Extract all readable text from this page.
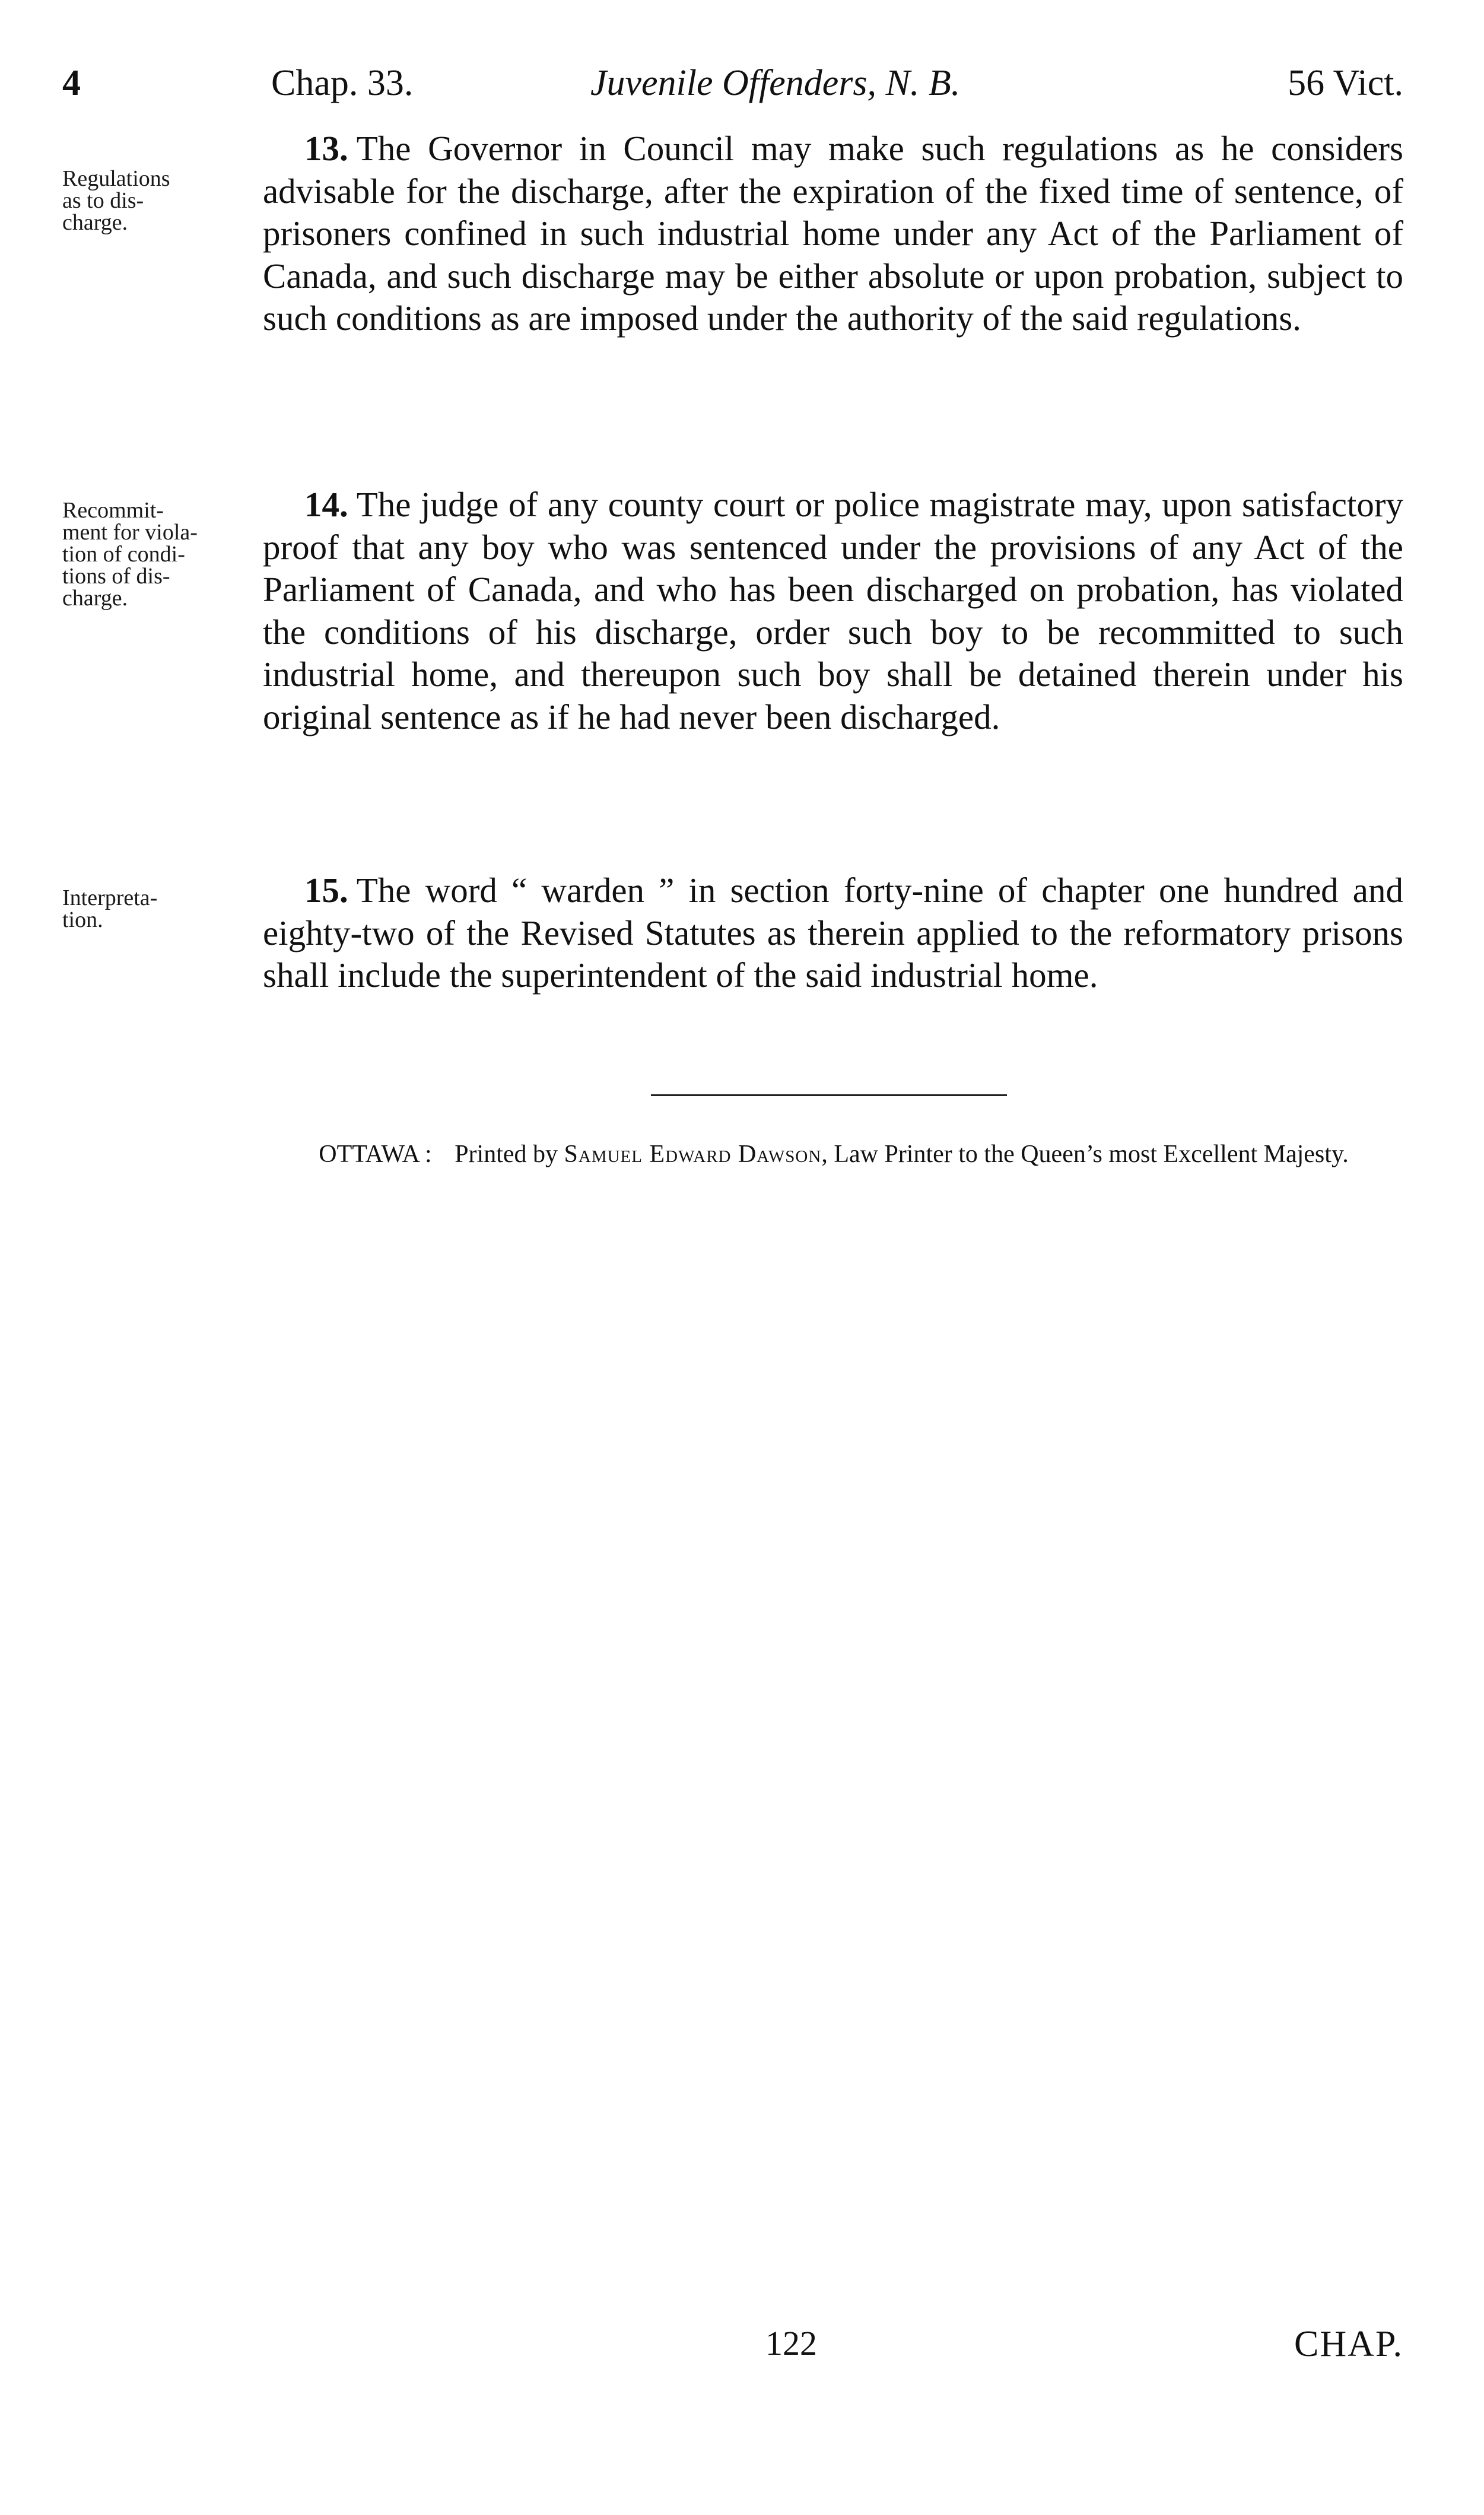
4	Chap. 33.	Juvenile Offenders, N. B.	56 Vict.
Regulations
as to dis-
charge.

13. The Governor in Council may make such regulations as he considers advisable for the discharge, after the expiration of the fixed time of sentence, of prisoners confined in such industrial home under any Act of the Parliament of Canada, and such discharge may be either absolute or upon probation, subject to such conditions as are imposed under the authority of the said regulations.

Recommit-
ment for viola-
tion of condi-
tions of dis-
charge.

14. The judge of any county court or police magistrate may, upon satisfactory proof that any boy who was sentenced under the provisions of any Act of the Parliament of Canada, and who has been discharged on probation, has violated the conditions of his discharge, order such boy to be recommitted to such industrial home, and thereupon such boy shall be detained therein under his original sentence as if he had never been discharged.

Interpreta-
tion.

15. The word “ warden ” in section forty-nine of chapter one hundred and eighty-two of the Revised Statutes as therein applied to the reformatory prisons shall include the superintendent of the said industrial home.

OTTAWA : Printed by Samuel Edward Dawson, Law Printer to the Queen’s most Excellent Majesty.
122	CHAP.
